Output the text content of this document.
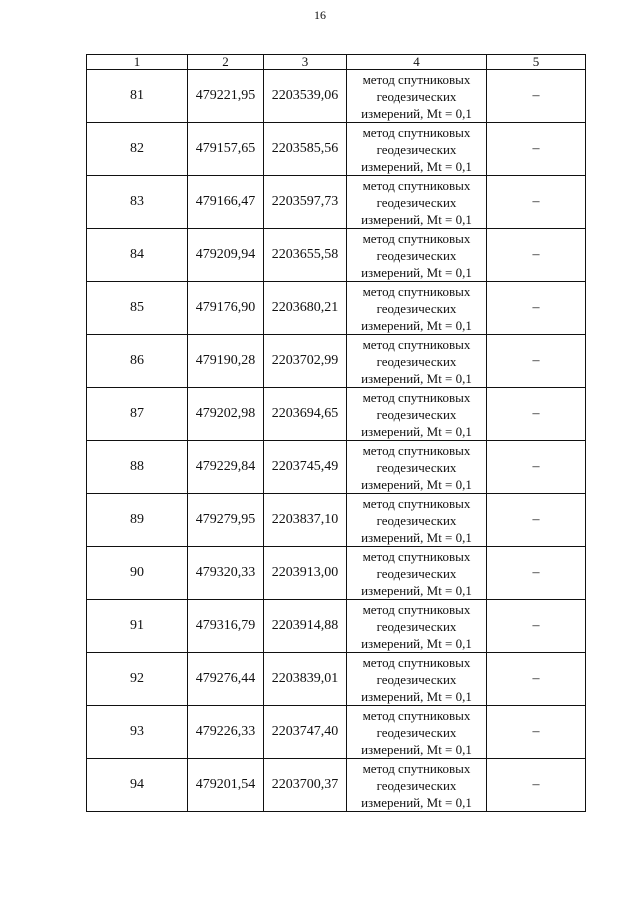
16
1	2	3	4	5
81	479221,95	2203539,06	метод спутниковых геодезических измерений, Mt = 0,1	–
82	479157,65	2203585,56	метод спутниковых геодезических измерений, Mt = 0,1	–
83	479166,47	2203597,73	метод спутниковых геодезических измерений, Mt = 0,1	–
84	479209,94	2203655,58	метод спутниковых геодезических измерений, Mt = 0,1	–
85	479176,90	2203680,21	метод спутниковых геодезических измерений, Mt = 0,1	–
86	479190,28	2203702,99	метод спутниковых геодезических измерений, Mt = 0,1	–
87	479202,98	2203694,65	метод спутниковых геодезических измерений, Mt = 0,1	–
88	479229,84	2203745,49	метод спутниковых геодезических измерений, Mt = 0,1	–
89	479279,95	2203837,10	метод спутниковых геодезических измерений, Mt = 0,1	–
90	479320,33	2203913,00	метод спутниковых геодезических измерений, Mt = 0,1	–
91	479316,79	2203914,88	метод спутниковых геодезических измерений, Mt = 0,1	–
92	479276,44	2203839,01	метод спутниковых геодезических измерений, Mt = 0,1	–
93	479226,33	2203747,40	метод спутниковых геодезических измерений, Mt = 0,1	–
94	479201,54	2203700,37	метод спутниковых геодезических измерений, Mt = 0,1	–
